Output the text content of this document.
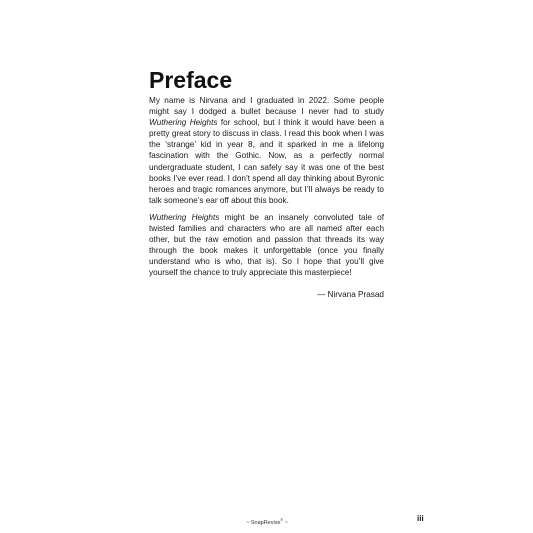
Preface

My name is Nirvana and I graduated in 2022. Some people might say I dodged a bullet because I never had to study Wuthering Heights for school, but I think it would have been a pretty great story to discuss in class. I read this book when I was the ‘strange’ kid in year 8, and it sparked in me a lifelong fascination with the Gothic. Now, as a perfectly normal undergraduate student, I can safely say it was one of the best books I’ve ever read. I don’t spend all day thinking about Byronic heroes and tragic romances anymore, but I’ll always be ready to talk someone’s ear off about this book.

Wuthering Heights might be an insanely convoluted tale of twisted families and characters who are all named after each other, but the raw emotion and passion that threads its way through the book makes it unforgettable (once you finally understand who is who, that is). So I hope that you’ll give yourself the chance to truly appreciate this masterpiece!

— Nirvana Prasad
~ SnapRevise® ~	iii
